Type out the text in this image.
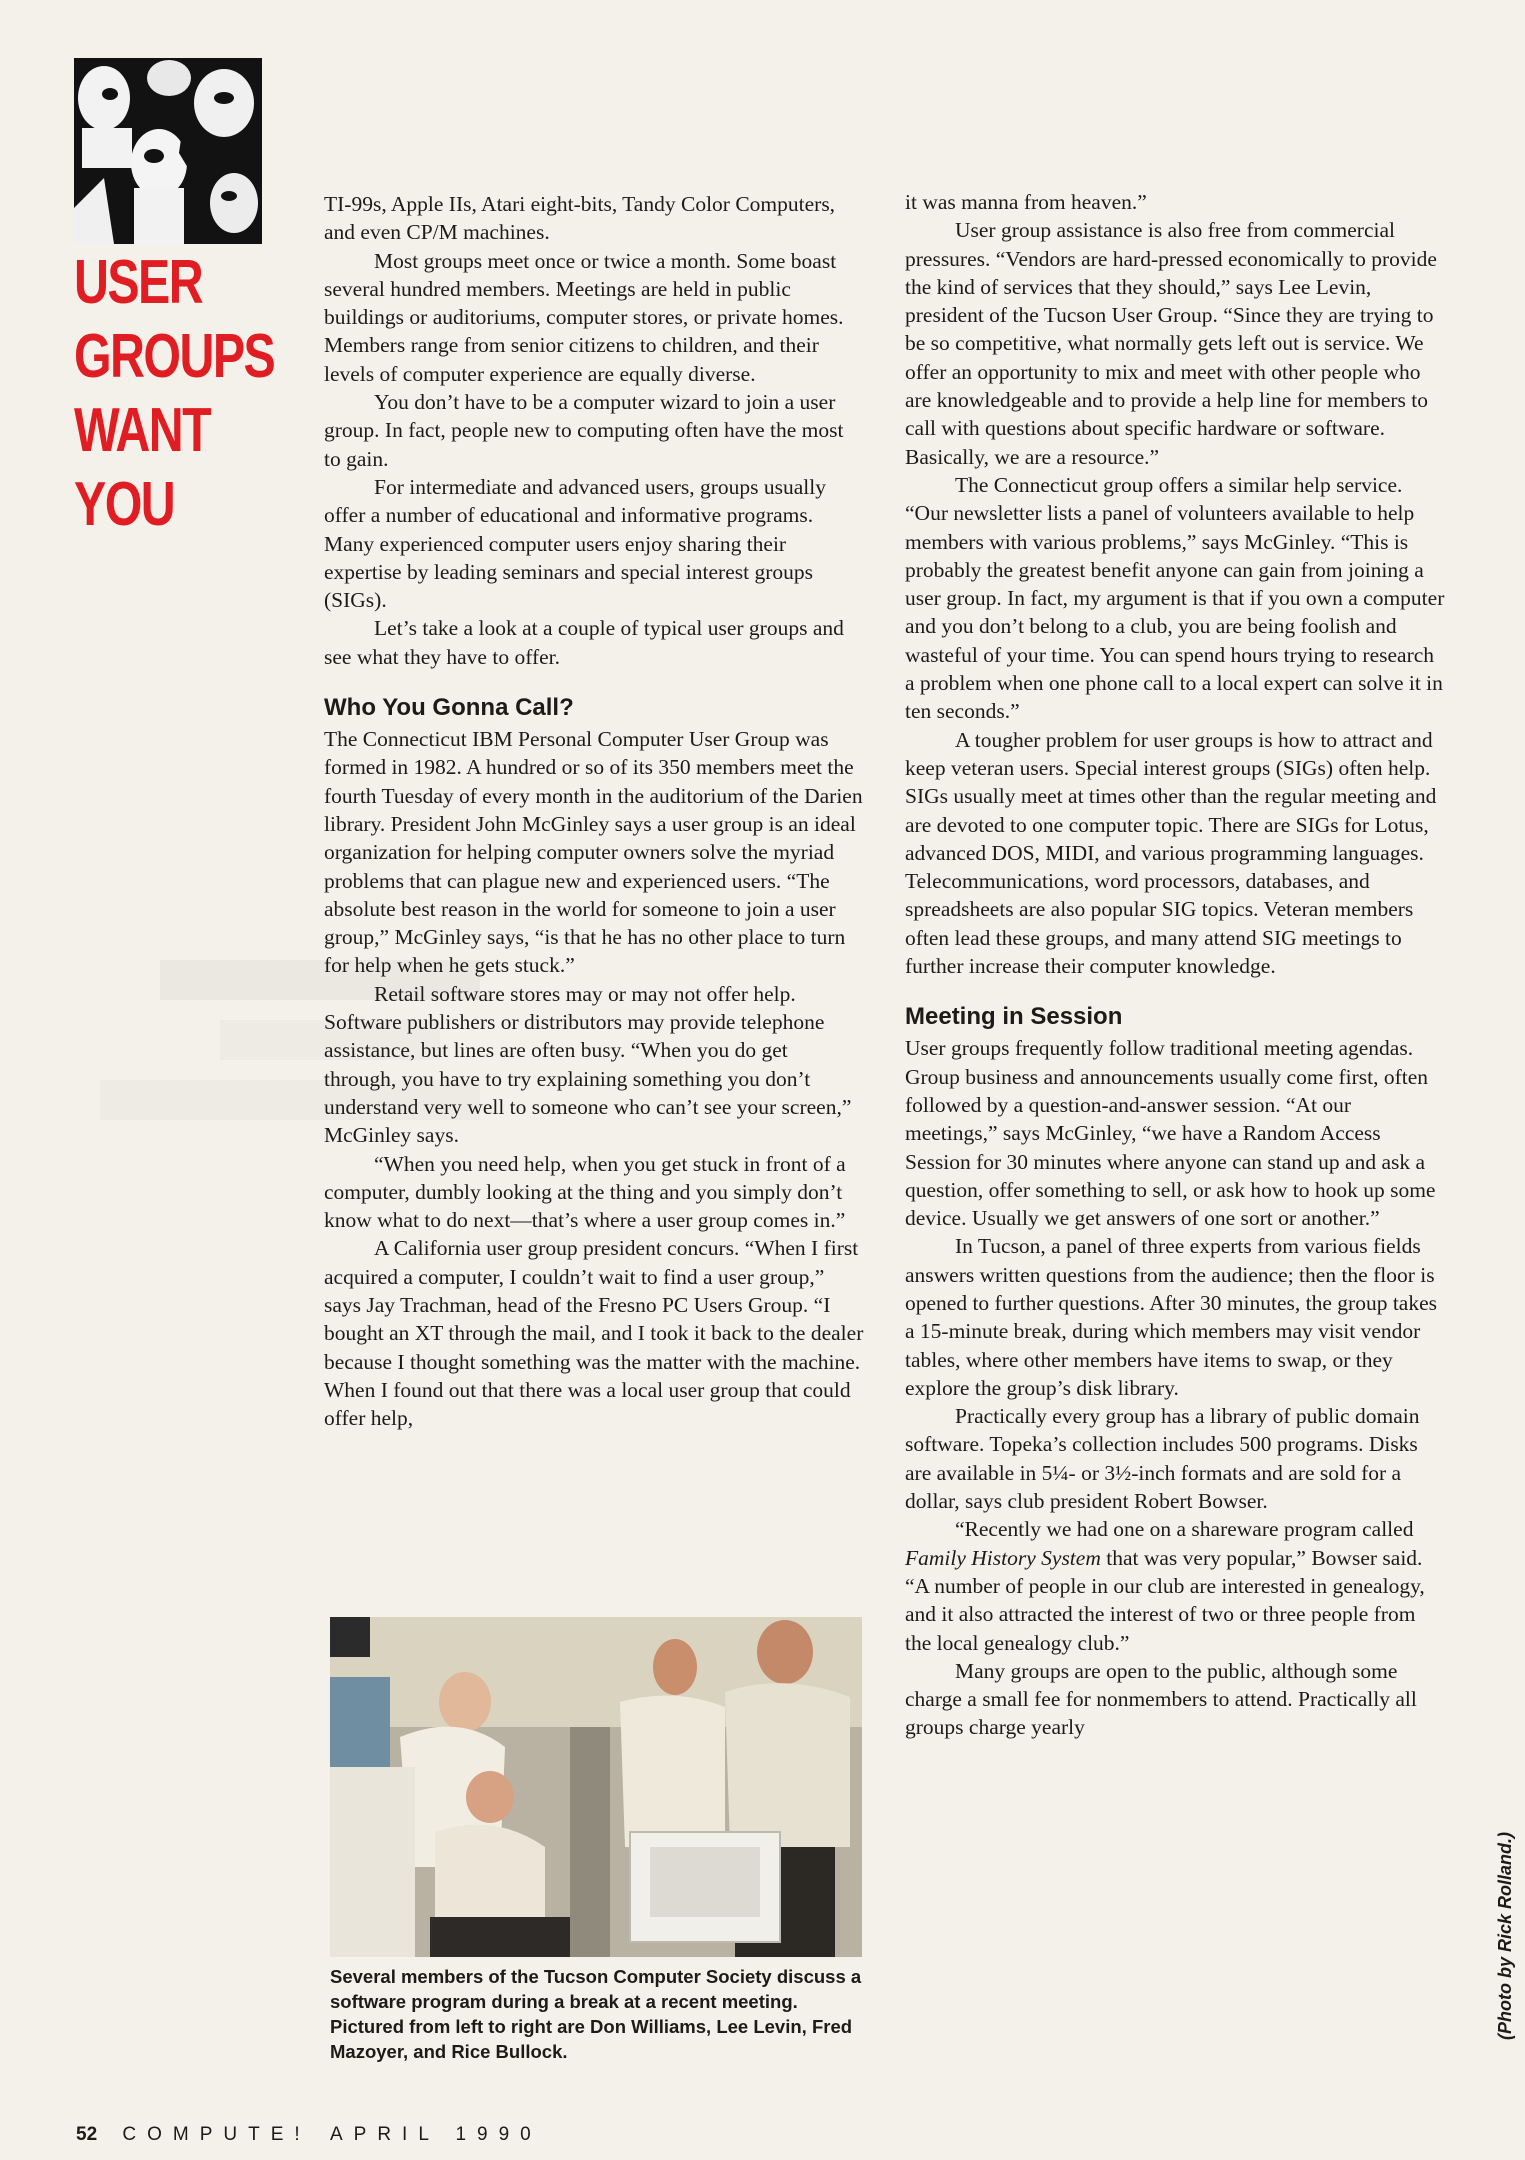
USER
GROUPS
WANT
YOU

TI-99s, Apple IIs, Atari eight-bits, Tandy Color Computers, and even CP/M machines.

Most groups meet once or twice a month. Some boast several hundred members. Meetings are held in public buildings or auditoriums, computer stores, or private homes. Members range from senior citizens to children, and their levels of computer experience are equally diverse.

You don’t have to be a computer wizard to join a user group. In fact, people new to computing often have the most to gain.

For intermediate and advanced users, groups usually offer a number of educational and informative programs. Many experienced computer users enjoy sharing their expertise by leading seminars and special interest groups (SIGs).

Let’s take a look at a couple of typical user groups and see what they have to offer.

Who You Gonna Call?

The Connecticut IBM Personal Computer User Group was formed in 1982. A hundred or so of its 350 members meet the fourth Tuesday of every month in the auditorium of the Darien library. President John McGinley says a user group is an ideal organization for helping computer owners solve the myriad problems that can plague new and experienced users. “The absolute best reason in the world for someone to join a user group,” McGinley says, “is that he has no other place to turn for help when he gets stuck.”

Retail software stores may or may not offer help. Software publishers or distributors may provide telephone assistance, but lines are often busy. “When you do get through, you have to try explaining something you don’t understand very well to someone who can’t see your screen,” McGinley says.

“When you need help, when you get stuck in front of a computer, dumbly looking at the thing and you simply don’t know what to do next—that’s where a user group comes in.”

A California user group president concurs. “When I first acquired a computer, I couldn’t wait to find a user group,” says Jay Trachman, head of the Fresno PC Users Group. “I bought an XT through the mail, and I took it back to the dealer because I thought something was the matter with the machine. When I found out that there was a local user group that could offer help,

Several members of the Tucson Computer Society discuss a software program during a break at a recent meeting. Pictured from left to right are Don Williams, Lee Levin, Fred Mazoyer, and Rice Bullock.

it was manna from heaven.”

User group assistance is also free from commercial pressures. “Vendors are hard-pressed economically to provide the kind of services that they should,” says Lee Levin, president of the Tucson User Group. “Since they are trying to be so competitive, what normally gets left out is service. We offer an opportunity to mix and meet with other people who are knowledgeable and to provide a help line for members to call with questions about specific hardware or software. Basically, we are a resource.”

The Connecticut group offers a similar help service. “Our newsletter lists a panel of volunteers available to help members with various problems,” says McGinley. “This is probably the greatest benefit anyone can gain from joining a user group. In fact, my argument is that if you own a computer and you don’t belong to a club, you are being foolish and wasteful of your time. You can spend hours trying to research a problem when one phone call to a local expert can solve it in ten seconds.”

A tougher problem for user groups is how to attract and keep veteran users. Special interest groups (SIGs) often help. SIGs usually meet at times other than the regular meeting and are devoted to one computer topic. There are SIGs for Lotus, advanced DOS, MIDI, and various programming languages. Telecommunications, word processors, databases, and spreadsheets are also popular SIG topics. Veteran members often lead these groups, and many attend SIG meetings to further increase their computer knowledge.

Meeting in Session

User groups frequently follow traditional meeting agendas. Group business and announcements usually come first, often followed by a question-and-answer session. “At our meetings,” says McGinley, “we have a Random Access Session for 30 minutes where anyone can stand up and ask a question, offer something to sell, or ask how to hook up some device. Usually we get answers of one sort or another.”

In Tucson, a panel of three experts from various fields answers written questions from the audience; then the floor is opened to further questions. After 30 minutes, the group takes a 15-minute break, during which members may visit vendor tables, where other members have items to swap, or they explore the group’s disk library.

Practically every group has a library of public domain software. Topeka’s collection includes 500 programs. Disks are available in 5¼- or 3½-inch formats and are sold for a dollar, says club president Robert Bowser.

“Recently we had one on a shareware program called Family History System that was very popular,” Bowser said. “A number of people in our club are interested in genealogy, and it also attracted the interest of two or three people from the local genealogy club.”

Many groups are open to the public, although some charge a small fee for nonmembers to attend. Practically all groups charge yearly

(Photo by Rick Rolland.)
52 COMPUTE! APRIL 1990
